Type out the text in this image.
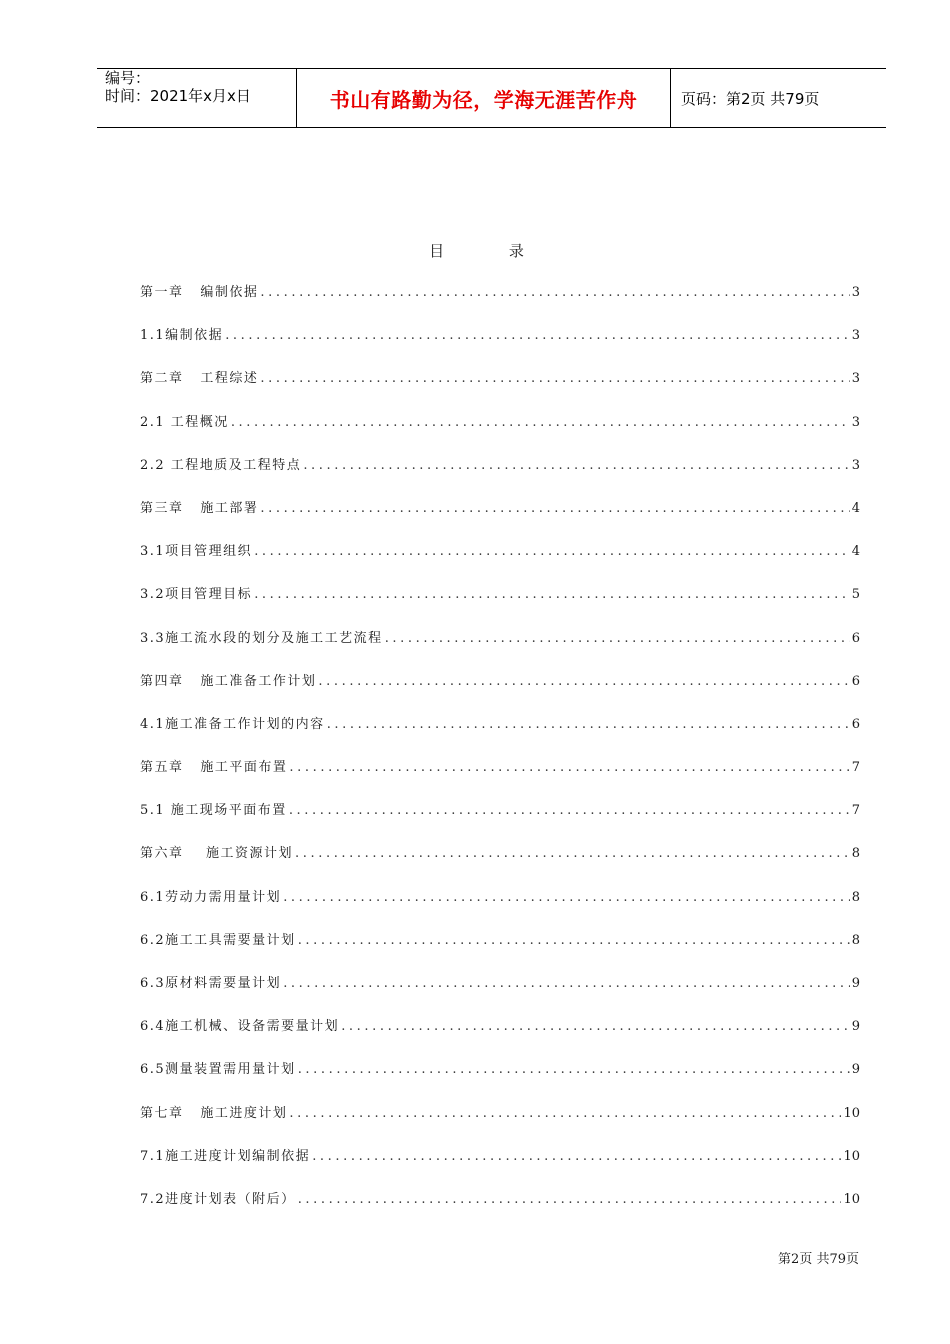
编号：
时间：2021年x月x日	书山有路勤为径，学海无涯苦作舟	页码：第2页 共79页
目 录
第一章   编制依据 .....	3
1.1编制依据 .....	3
第二章   工程综述 .....	3
2.1 工程概况 .....	3
2.2 工程地质及工程特点 .....	3
第三章   施工部署 .....	4
3.1项目管理组织 .....	4
3.2项目管理目标 .....	5
3.3施工流水段的划分及施工工艺流程 .....	6
第四章   施工准备工作计划 .....	6
4.1施工准备工作计划的内容 .....	6
第五章   施工平面布置 .....	7
5.1 施工现场平面布置 .....	7
第六章    施工资源计划 .....	8
6.1劳动力需用量计划 .....	8
6.2施工工具需要量计划 .....	8
6.3原材料需要量计划 .....	9
6.4施工机械、设备需要量计划 .....	9
6.5测量装置需用量计划 .....	9
第七章   施工进度计划 .....	10
7.1施工进度计划编制依据 .....	10
7.2进度计划表（附后） .....	10
第2页 共79页
